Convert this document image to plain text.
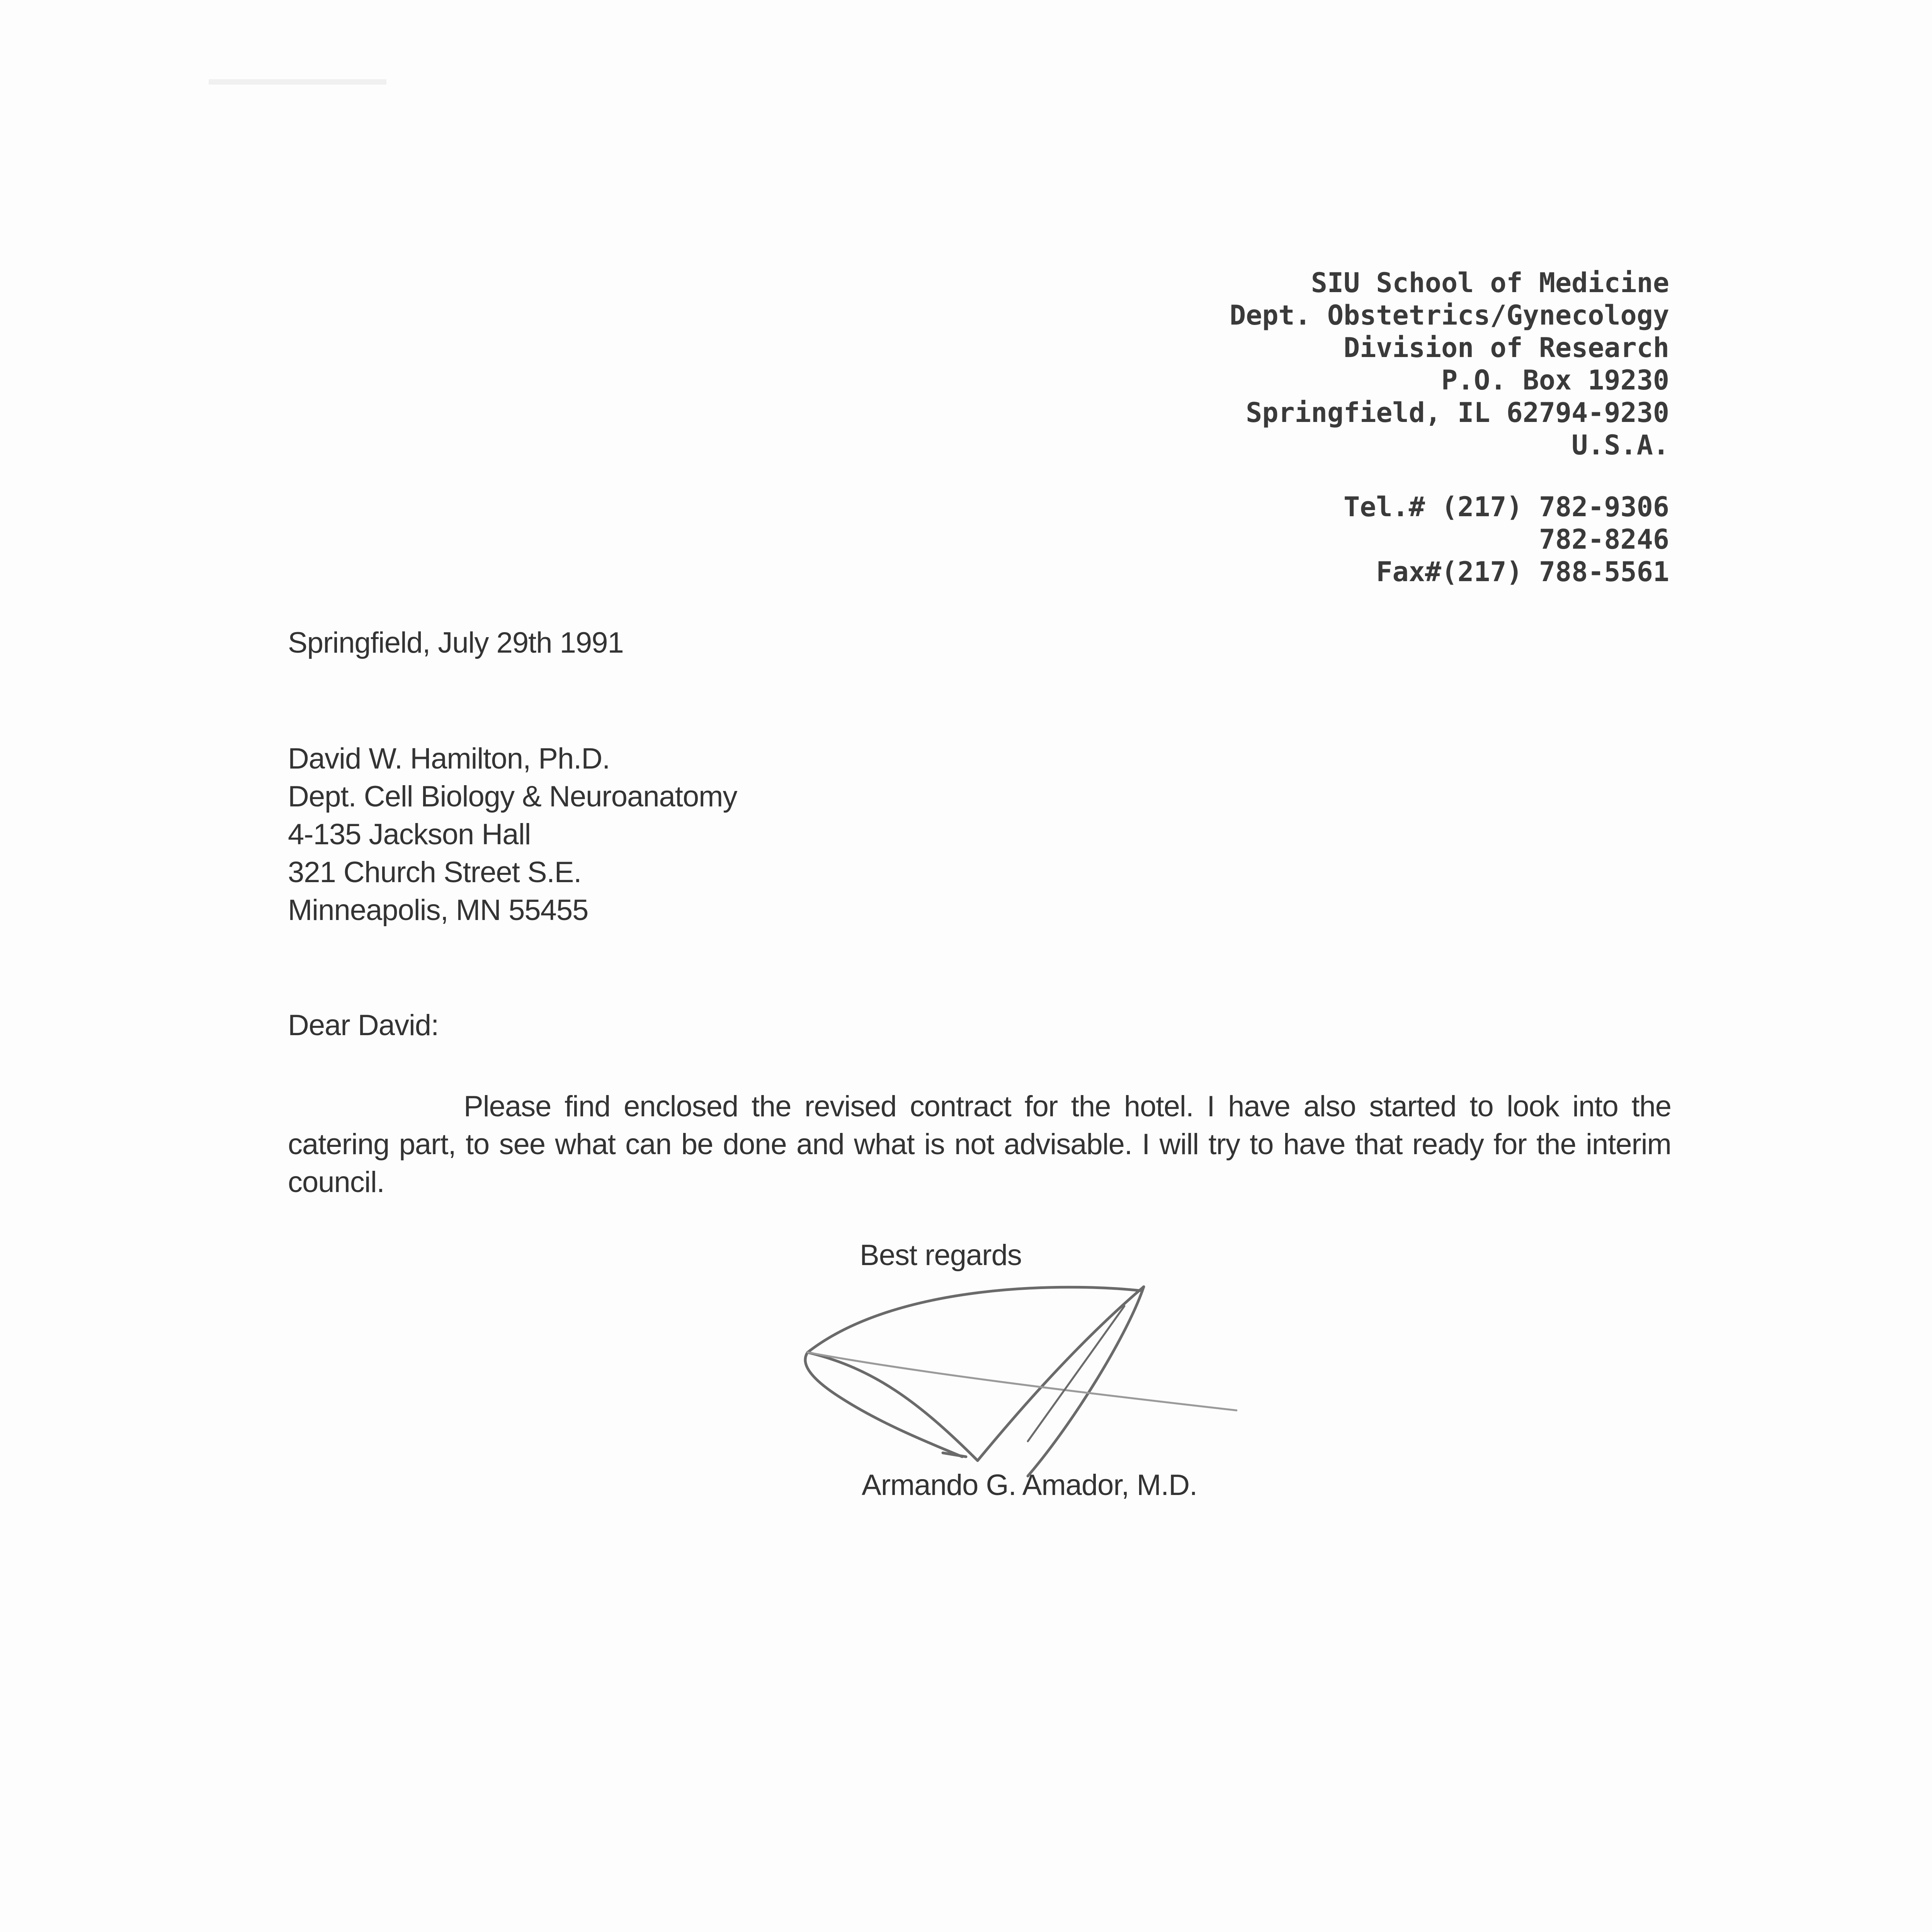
SIU School of Medicine
Dept. Obstetrics/Gynecology
Division of Research
P.O. Box 19230
Springfield, IL 62794-9230
U.S.A.
Tel.# (217) 782-9306
782-8246
Fax#(217) 788-5561
Springfield, July 29th 1991
David W. Hamilton, Ph.D.
Dept. Cell Biology & Neuroanatomy
4-135 Jackson Hall
321 Church Street S.E.
Minneapolis, MN 55455
Dear David:
Please find enclosed the revised contract for the hotel. I have also started to look into the catering part, to see what can be done and what is not advisable. I will try to have that ready for the interim council.
Best regards
Armando G. Amador, M.D.
